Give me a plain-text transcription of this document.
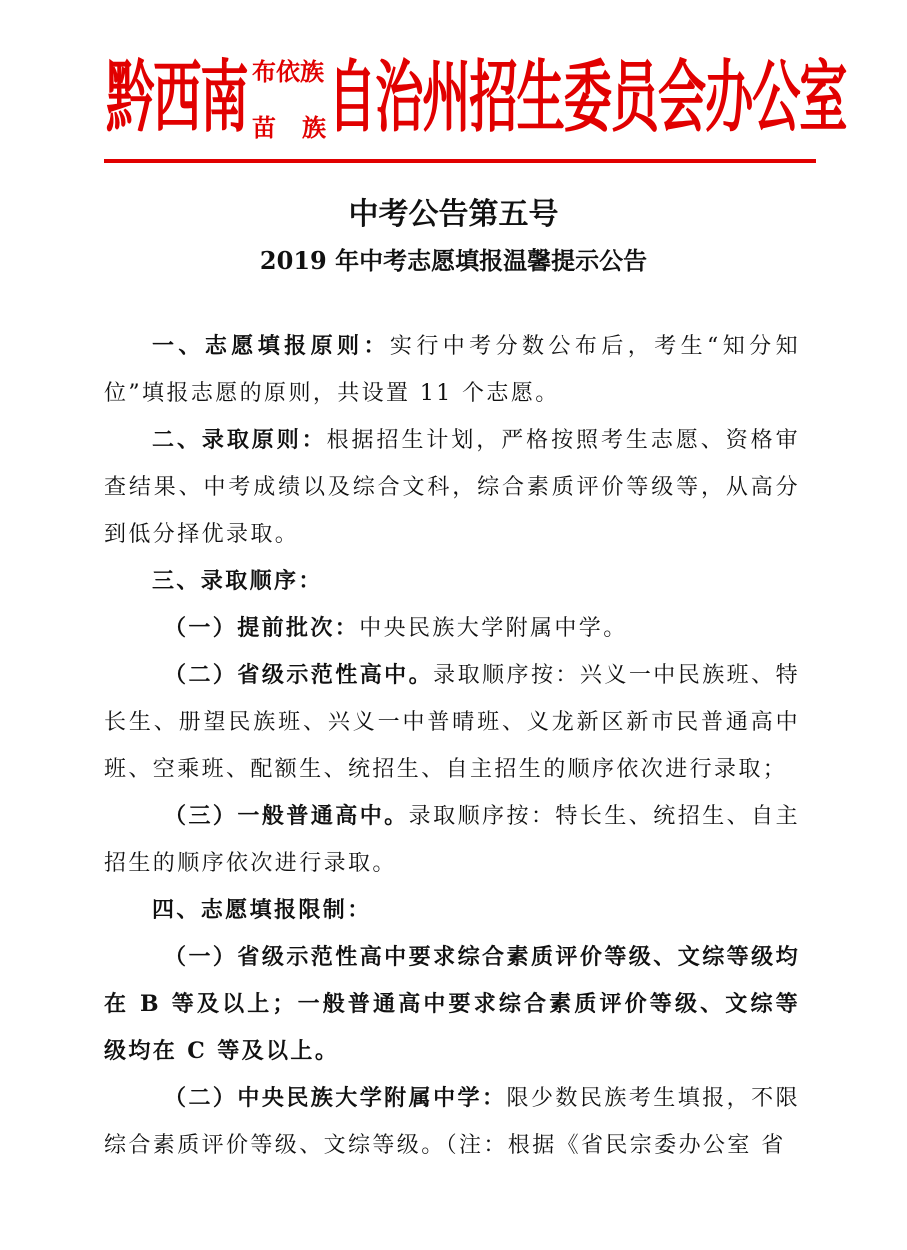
黔西南 布依族
苗族
自治州招生委员会办公室
中考公告第五号
2019 年中考志愿填报温馨提示公告

一、志愿填报原则：实行中考分数公布后，考生“知分知位”填报志愿的原则，共设置 11 个志愿。

二、录取原则：根据招生计划，严格按照考生志愿、资格审查结果、中考成绩以及综合文科，综合素质评价等级等，从高分到低分择优录取。

三、录取顺序：

（一）提前批次：中央民族大学附属中学。

（二）省级示范性高中。录取顺序按：兴义一中民族班、特长生、册望民族班、兴义一中普晴班、义龙新区新市民普通高中班、空乘班、配额生、统招生、自主招生的顺序依次进行录取；

（三）一般普通高中。录取顺序按：特长生、统招生、自主招生的顺序依次进行录取。

四、志愿填报限制：

（一）省级示范性高中要求综合素质评价等级、文综等级均在 B 等及以上；一般普通高中要求综合素质评价等级、文综等级均在 C 等及以上。

（二）中央民族大学附属中学：限少数民族考生填报，不限综合素质评价等级、文综等级。（注：根据《省民宗委办公室 省
